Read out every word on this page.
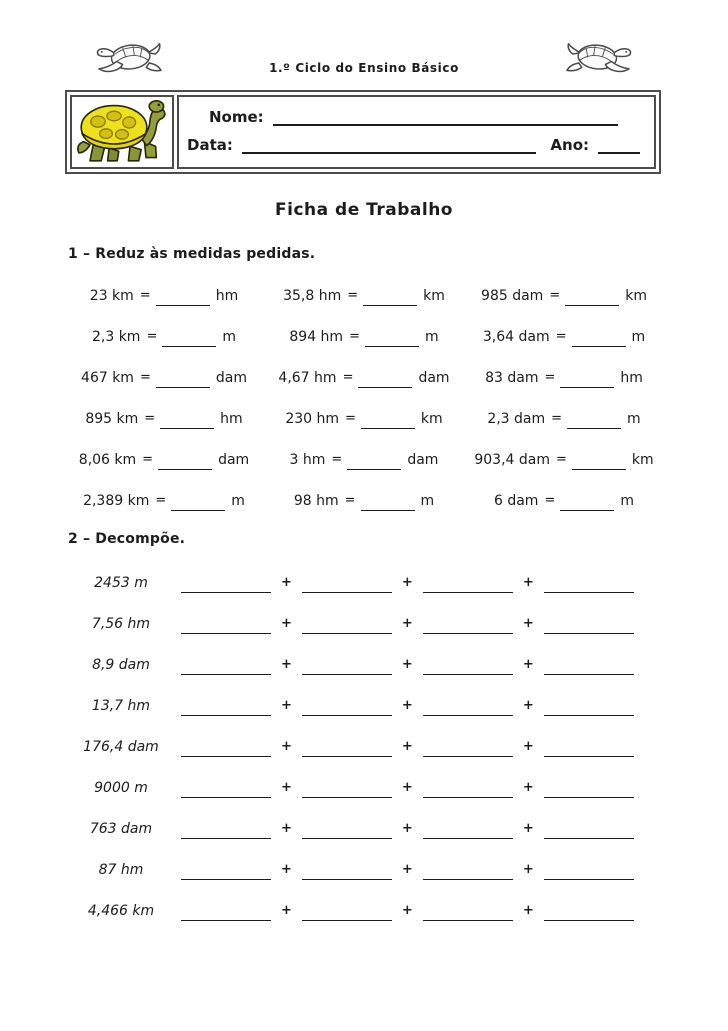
1.º Ciclo do Ensino Básico
Nome:
Data:	Ano:
Ficha de Trabalho
1 – Reduz às medidas pedidas.
23 km =	hm	35,8 hm =	km	985 dam =	km
2,3 km =	m	894 hm =	m	3,64 dam =	m
467 km =	dam 4,67 hm =	dam	83 dam =	hm
895 km =	hm	230 hm =	km	2,3 dam =	m
8,06 km =	dam	3 hm =	dam	903,4 dam =	km
2,389 km =	m	98 hm =	m	6 dam =	m
2 – Decompõe.
2453 m	+	+	+
7,56 hm	+	+	+
8,9 dam	+	+	+
13,7 hm	+	+	+
176,4 dam	+	+	+
9000 m	+	+	+
763 dam	+	+	+
87 hm	+	+	+
4,466 km	+	+	+
